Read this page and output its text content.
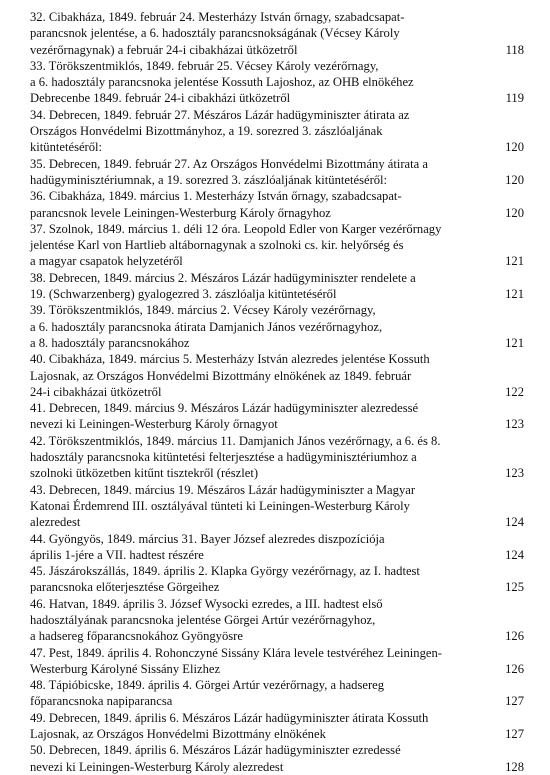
32. Cibakháza, 1849. február 24. Mesterházy István őrnagy, szabadcsapat-
parancsnok jelentése, a 6. hadosztály parancsnokságának (Vécsey Károly
vezérőrnagynak) a február 24-i cibakházai ütközetről	118
33. Törökszentmiklós, 1849. február 25. Vécsey Károly vezérőrnagy,
a 6. hadosztály parancsnoka jelentése Kossuth Lajoshoz, az OHB elnökéhez
Debrecenbe 1849. február 24-i cibakházi ütközetről	119
34. Debrecen, 1849. február 27. Mészáros Lázár hadügyminiszter átirata az
Országos Honvédelmi Bizottmányhoz, a 19. sorezred 3. zászlóaljának
kitüntetéséről:	120
35. Debrecen, 1849. február 27. Az Országos Honvédelmi Bizottmány átirata a
hadügyminisztériumnak, a 19. sorezred 3. zászlóaljának kitüntetéséről:	120
36. Cibakháza, 1849. március 1. Mesterházy István őrnagy, szabadcsapat-
parancsnok levele Leiningen-Westerburg Károly őrnagyhoz	120
37. Szolnok, 1849. március 1. déli 12 óra. Leopold Edler von Karger vezérőrnagy
jelentése Karl von Hartlieb altábornagynak a szolnoki cs. kir. helyőrség és
a magyar csapatok helyzetéről	121
38. Debrecen, 1849. március 2. Mészáros Lázár hadügyminiszter rendelete a
19. (Schwarzenberg) gyalogezred 3. zászlóalja kitüntetéséről	121
39. Törökszentmiklós, 1849. március 2. Vécsey Károly vezérőrnagy,
a 6. hadosztály parancsnoka átirata Damjanich János vezérőrnagyhoz,
a 8. hadosztály parancsnokához	121
40. Cibakháza, 1849. március 5. Mesterházy István alezredes jelentése Kossuth
Lajosnak, az Országos Honvédelmi Bizottmány elnökének az 1849. február
24-i cibakházai ütközetről	122
41. Debrecen, 1849. március 9. Mészáros Lázár hadügyminiszter alezredessé
nevezi ki Leiningen-Westerburg Károly őrnagyot	123
42. Törökszentmiklós, 1849. március 11. Damjanich János vezérőrnagy, a 6. és 8.
hadosztály parancsnoka kitüntetési felterjesztése a hadügyminisztériumhoz a
szolnoki ütközetben kitűnt tisztekről (részlet)	123
43. Debrecen, 1849. március 19. Mészáros Lázár hadügyminiszter a Magyar
Katonai Érdemrend III. osztályával tünteti ki Leiningen-Westerburg Károly
alezredest	124
44. Gyöngyös, 1849. március 31. Bayer József alezredes diszpozíciója
április 1-jére a VII. hadtest részére	124
45. Jászárokszállás, 1849. április 2. Klapka György vezérőrnagy, az I. hadtest
parancsnoka előterjesztése Görgeihez	125
46. Hatvan, 1849. április 3. József Wysocki ezredes, a III. hadtest első
hadosztályának parancsnoka jelentése Görgei Artúr vezérőrnagyhoz,
a hadsereg főparancsnokához Gyöngyösre	126
47. Pest, 1849. április 4. Rohonczyné Sissány Klára levele testvéréhez Leiningen-
Westerburg Károlyné Sissány Elizhez	126
48. Tápióbicske, 1849. április 4. Görgei Artúr vezérőrnagy, a hadsereg
főparancsnoka napiparancsa	127
49. Debrecen, 1849. április 6. Mészáros Lázár hadügyminiszter átirata Kossuth
Lajosnak, az Országos Honvédelmi Bizottmány elnökének	127
50. Debrecen, 1849. április 6. Mészáros Lázár hadügyminiszter ezredessé
nevezi ki Leiningen-Westerburg Károly alezredest	128
